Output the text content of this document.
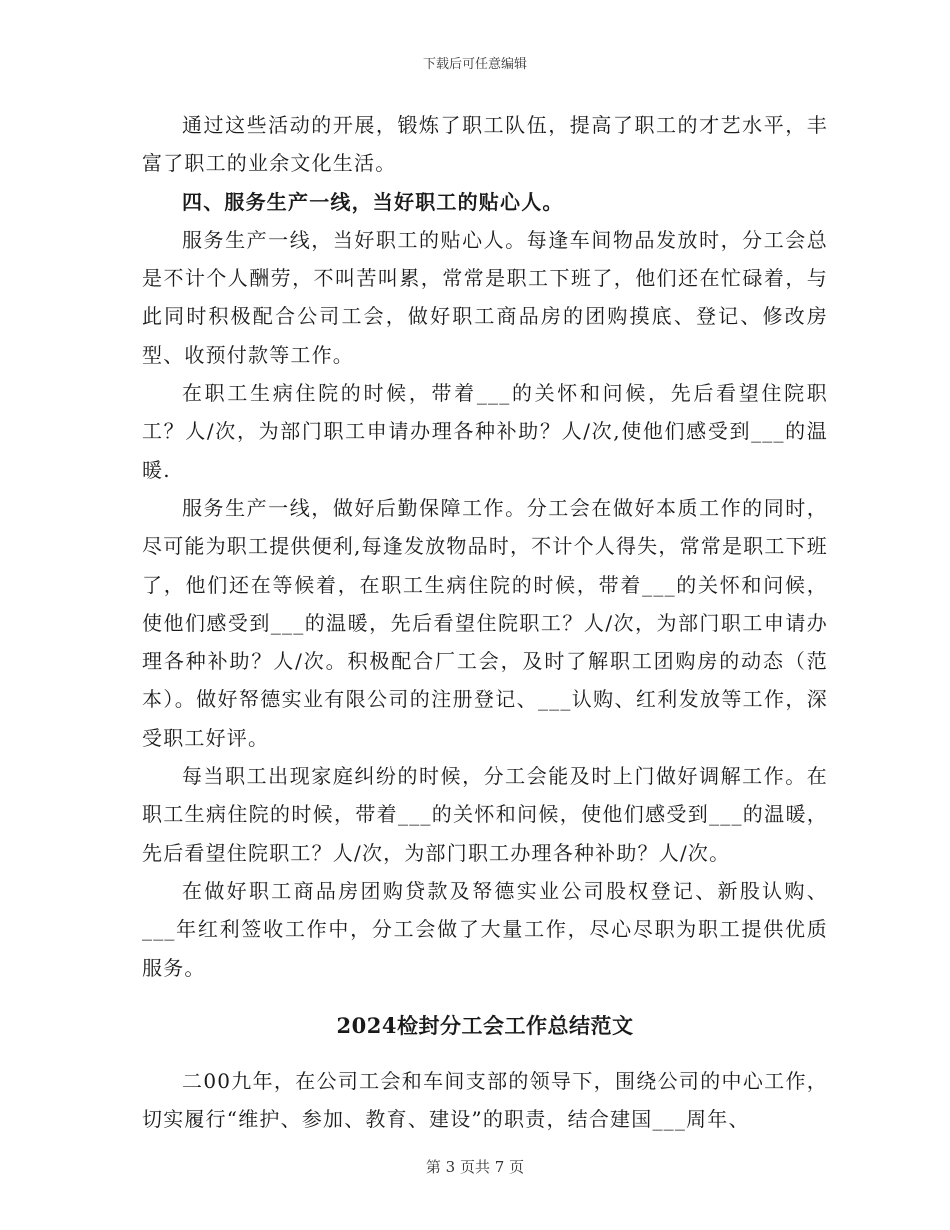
下载后可任意编辑

通过这些活动的开展，锻炼了职工队伍，提高了职工的才艺水平，丰富了职工的业余文化生活。

四、服务生产一线，当好职工的贴心人。

服务生产一线，当好职工的贴心人。每逢车间物品发放时，分工会总是不计个人酬劳，不叫苦叫累，常常是职工下班了，他们还在忙碌着，与此同时积极配合公司工会，做好职工商品房的团购摸底、登记、修改房型、收预付款等工作。

在职工生病住院的时候，带着___的关怀和问候，先后看望住院职工？人/次，为部门职工申请办理各种补助？人/次,使他们感受到___的温暖.

服务生产一线，做好后勤保障工作。分工会在做好本质工作的同时，尽可能为职工提供便利,每逢发放物品时，不计个人得失，常常是职工下班了，他们还在等候着，在职工生病住院的时候，带着___的关怀和问候，使他们感受到___的温暖，先后看望住院职工？人/次，为部门职工申请办理各种补助？人/次。积极配合厂工会，及时了解职工团购房的动态（范本）。做好帑德实业有限公司的注册登记、___认购、红利发放等工作，深受职工好评。

每当职工出现家庭纠纷的时候，分工会能及时上门做好调解工作。在职工生病住院的时候，带着___的关怀和问候，使他们感受到___的温暖，先后看望住院职工？人/次，为部门职工办理各种补助？人/次。

在做好职工商品房团购贷款及帑德实业公司股权登记、新股认购、___年红利签收工作中，分工会做了大量工作，尽心尽职为职工提供优质服务。

2024检封分工会工作总结范文

二00九年，在公司工会和车间支部的领导下，围绕公司的中心工作，切实履行“维护、参加、教育、建设”的职责，结合建国___周年、

第 3 页共 7 页
